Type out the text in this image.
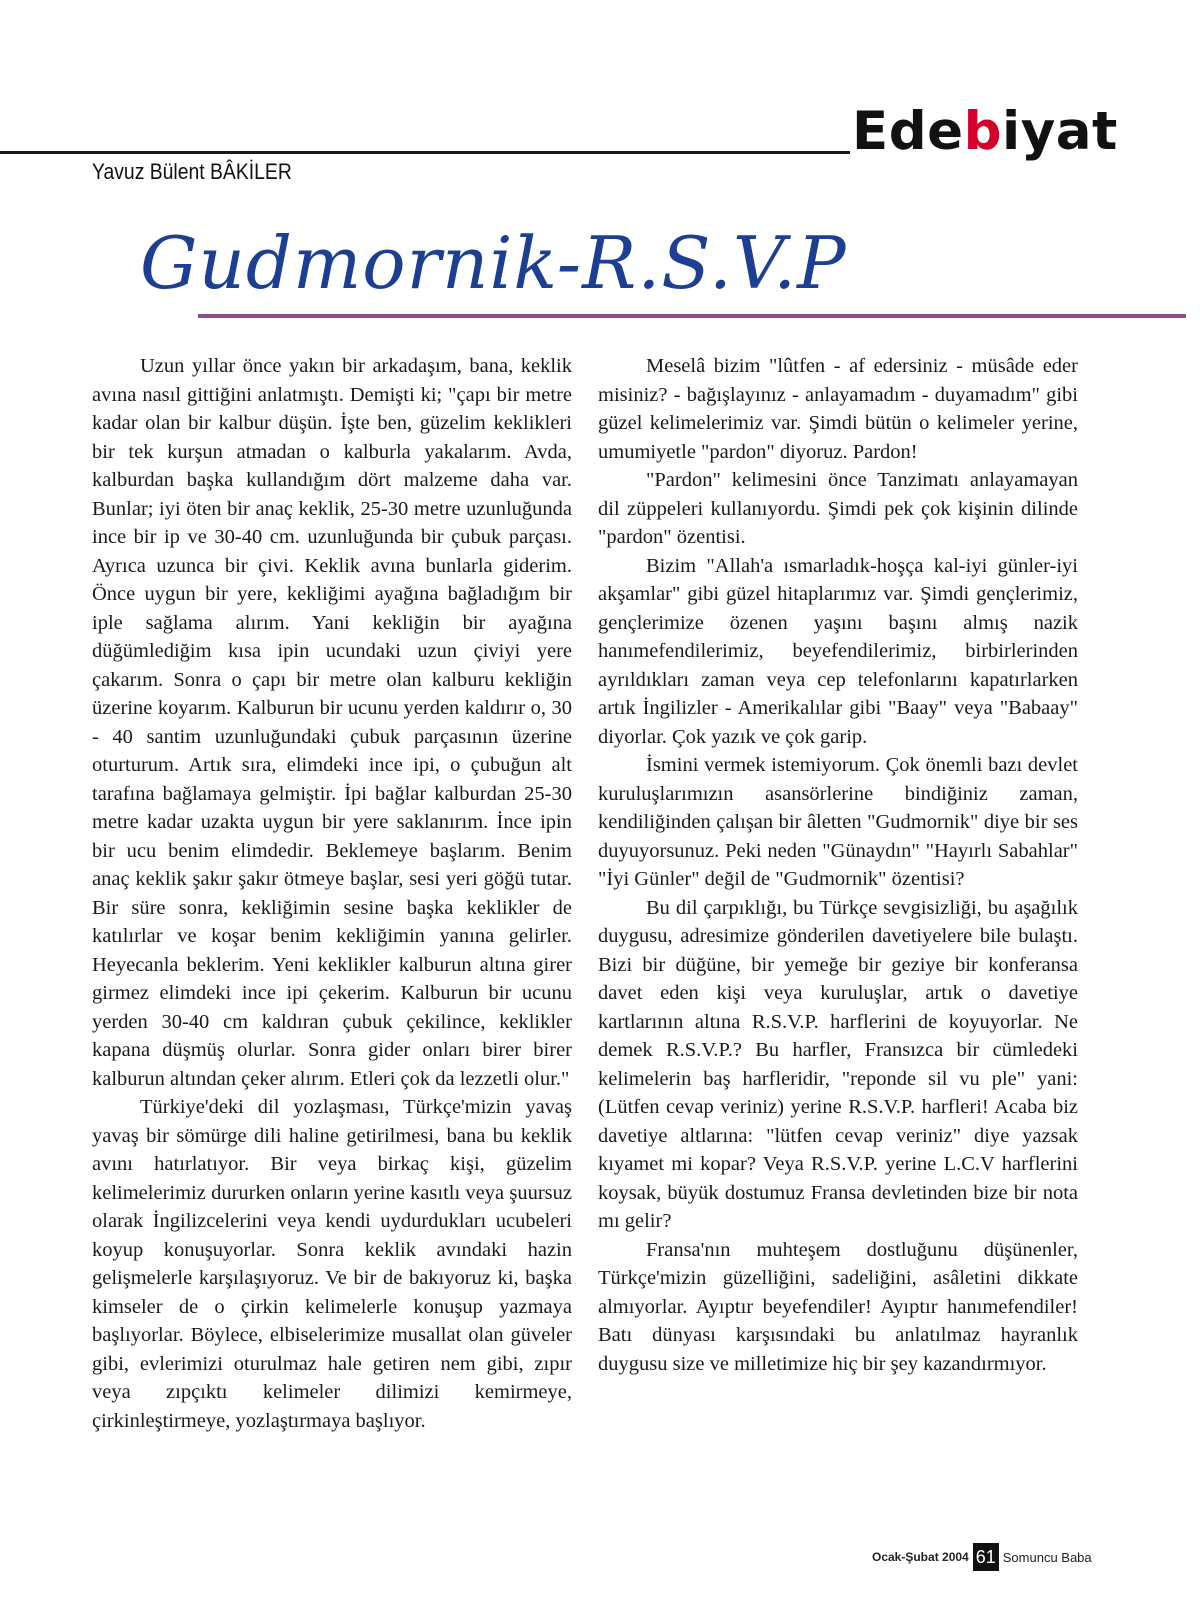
Edebiyat
Yavuz Bülent BÂKİLER
Gudmornik-R.S.V.P

Uzun yıllar önce yakın bir arkadaşım, bana, keklik avına nasıl gittiğini anlatmıştı. Demişti ki; "çapı bir metre kadar olan bir kalbur düşün. İşte ben, güzelim keklikleri bir tek kurşun atmadan o kalburla yakalarım. Avda, kalburdan başka kullandığım dört malzeme daha var. Bunlar; iyi öten bir anaç keklik, 25-30 metre uzunluğunda ince bir ip ve 30-40 cm. uzunluğunda bir çubuk parçası. Ayrıca uzunca bir çivi. Keklik avına bunlarla giderim. Önce uygun bir yere, kekliğimi ayağına bağladığım bir iple sağlama alırım. Yani kekliğin bir ayağına düğümlediğim kısa ipin ucundaki uzun çiviyi yere çakarım. Sonra o çapı bir metre olan kalburu kekliğin üzerine koyarım. Kalburun bir ucunu yerden kaldırır o, 30 - 40 santim uzunluğundaki çubuk parçasının üzerine oturturum. Artık sıra, elimdeki ince ipi, o çubuğun alt tarafına bağlamaya gelmiştir. İpi bağlar kalburdan 25-30 metre kadar uzakta uygun bir yere saklanırım. İnce ipin bir ucu benim elimdedir. Beklemeye başlarım. Benim anaç keklik şakır şakır ötmeye başlar, sesi yeri göğü tutar. Bir süre sonra, kekliğimin sesine başka keklikler de katılırlar ve koşar benim kekliğimin yanına gelirler. Heyecanla beklerim. Yeni keklikler kalburun altına girer girmez elimdeki ince ipi çekerim. Kalburun bir ucunu yerden 30-40 cm kaldıran çubuk çekilince, keklikler kapana düşmüş olurlar. Sonra gider onları birer birer kalburun altından çeker alırım. Etleri çok da lezzetli olur."

Türkiye'deki dil yozlaşması, Türkçe'mizin yavaş yavaş bir sömürge dili haline getirilmesi, bana bu keklik avını hatırlatıyor. Bir veya birkaç kişi, güzelim kelimelerimiz dururken onların yerine kasıtlı veya şuursuz olarak İngilizcelerini veya kendi uydurdukları ucubeleri koyup konuşuyorlar. Sonra keklik avındaki hazin gelişmelerle karşılaşıyoruz. Ve bir de bakıyoruz ki, başka kimseler de o çirkin kelimelerle konuşup yazmaya başlıyorlar. Böylece, elbiselerimize musallat olan güveler gibi, evlerimizi oturulmaz hale getiren nem gibi, zıpır veya zıpçıktı kelimeler dilimizi kemirmeye, çirkinleştirmeye, yozlaştırmaya başlıyor.

Meselâ bizim "lûtfen - af edersiniz - müsâde eder misiniz? - bağışlayınız - anlayamadım - duyamadım" gibi güzel kelimelerimiz var. Şimdi bütün o kelimeler yerine, umumiyetle "pardon" diyoruz. Pardon!

"Pardon" kelimesini önce Tanzimatı anlayamayan dil züppeleri kullanıyordu. Şimdi pek çok kişinin dilinde "pardon" özentisi.

Bizim "Allah'a ısmarladık-hoşça kal-iyi günler-iyi akşamlar" gibi güzel hitaplarımız var. Şimdi gençlerimiz, gençlerimize özenen yaşını başını almış nazik hanımefendilerimiz, beyefendilerimiz, birbirlerinden ayrıldıkları zaman veya cep telefonlarını kapatırlarken artık İngilizler - Amerikalılar gibi "Baay" veya "Babaay" diyorlar. Çok yazık ve çok garip.

İsmini vermek istemiyorum. Çok önemli bazı devlet kuruluşlarımızın asansörlerine bindiğiniz zaman, kendiliğinden çalışan bir âletten "Gudmornik" diye bir ses duyuyorsunuz. Peki neden "Günaydın" "Hayırlı Sabahlar" "İyi Günler" değil de "Gudmornik" özentisi?

Bu dil çarpıklığı, bu Türkçe sevgisizliği, bu aşağılık duygusu, adresimize gönderilen davetiyelere bile bulaştı. Bizi bir düğüne, bir yemeğe bir geziye bir konferansa davet eden kişi veya kuruluşlar, artık o davetiye kartlarının altına R.S.V.P. harflerini de koyuyorlar. Ne demek R.S.V.P.? Bu harfler, Fransızca bir cümledeki kelimelerin baş harfleridir, "reponde sil vu ple" yani: (Lütfen cevap veriniz) yerine R.S.V.P. harfleri! Acaba biz davetiye altlarına: "lütfen cevap veriniz" diye yazsak kıyamet mi kopar? Veya R.S.V.P. yerine L.C.V harflerini koysak, büyük dostumuz Fransa devletinden bize bir nota mı gelir?

Fransa'nın muhteşem dostluğunu düşünenler, Türkçe'mizin güzelliğini, sadeliğini, asâletini dikkate almıyorlar. Ayıptır beyefendiler! Ayıptır hanımefendiler! Batı dünyası karşısındaki bu anlatılmaz hayranlık duygusu size ve milletimize hiç bir şey kazandırmıyor.

Ocak-Şubat 2004 61 Somuncu Baba
